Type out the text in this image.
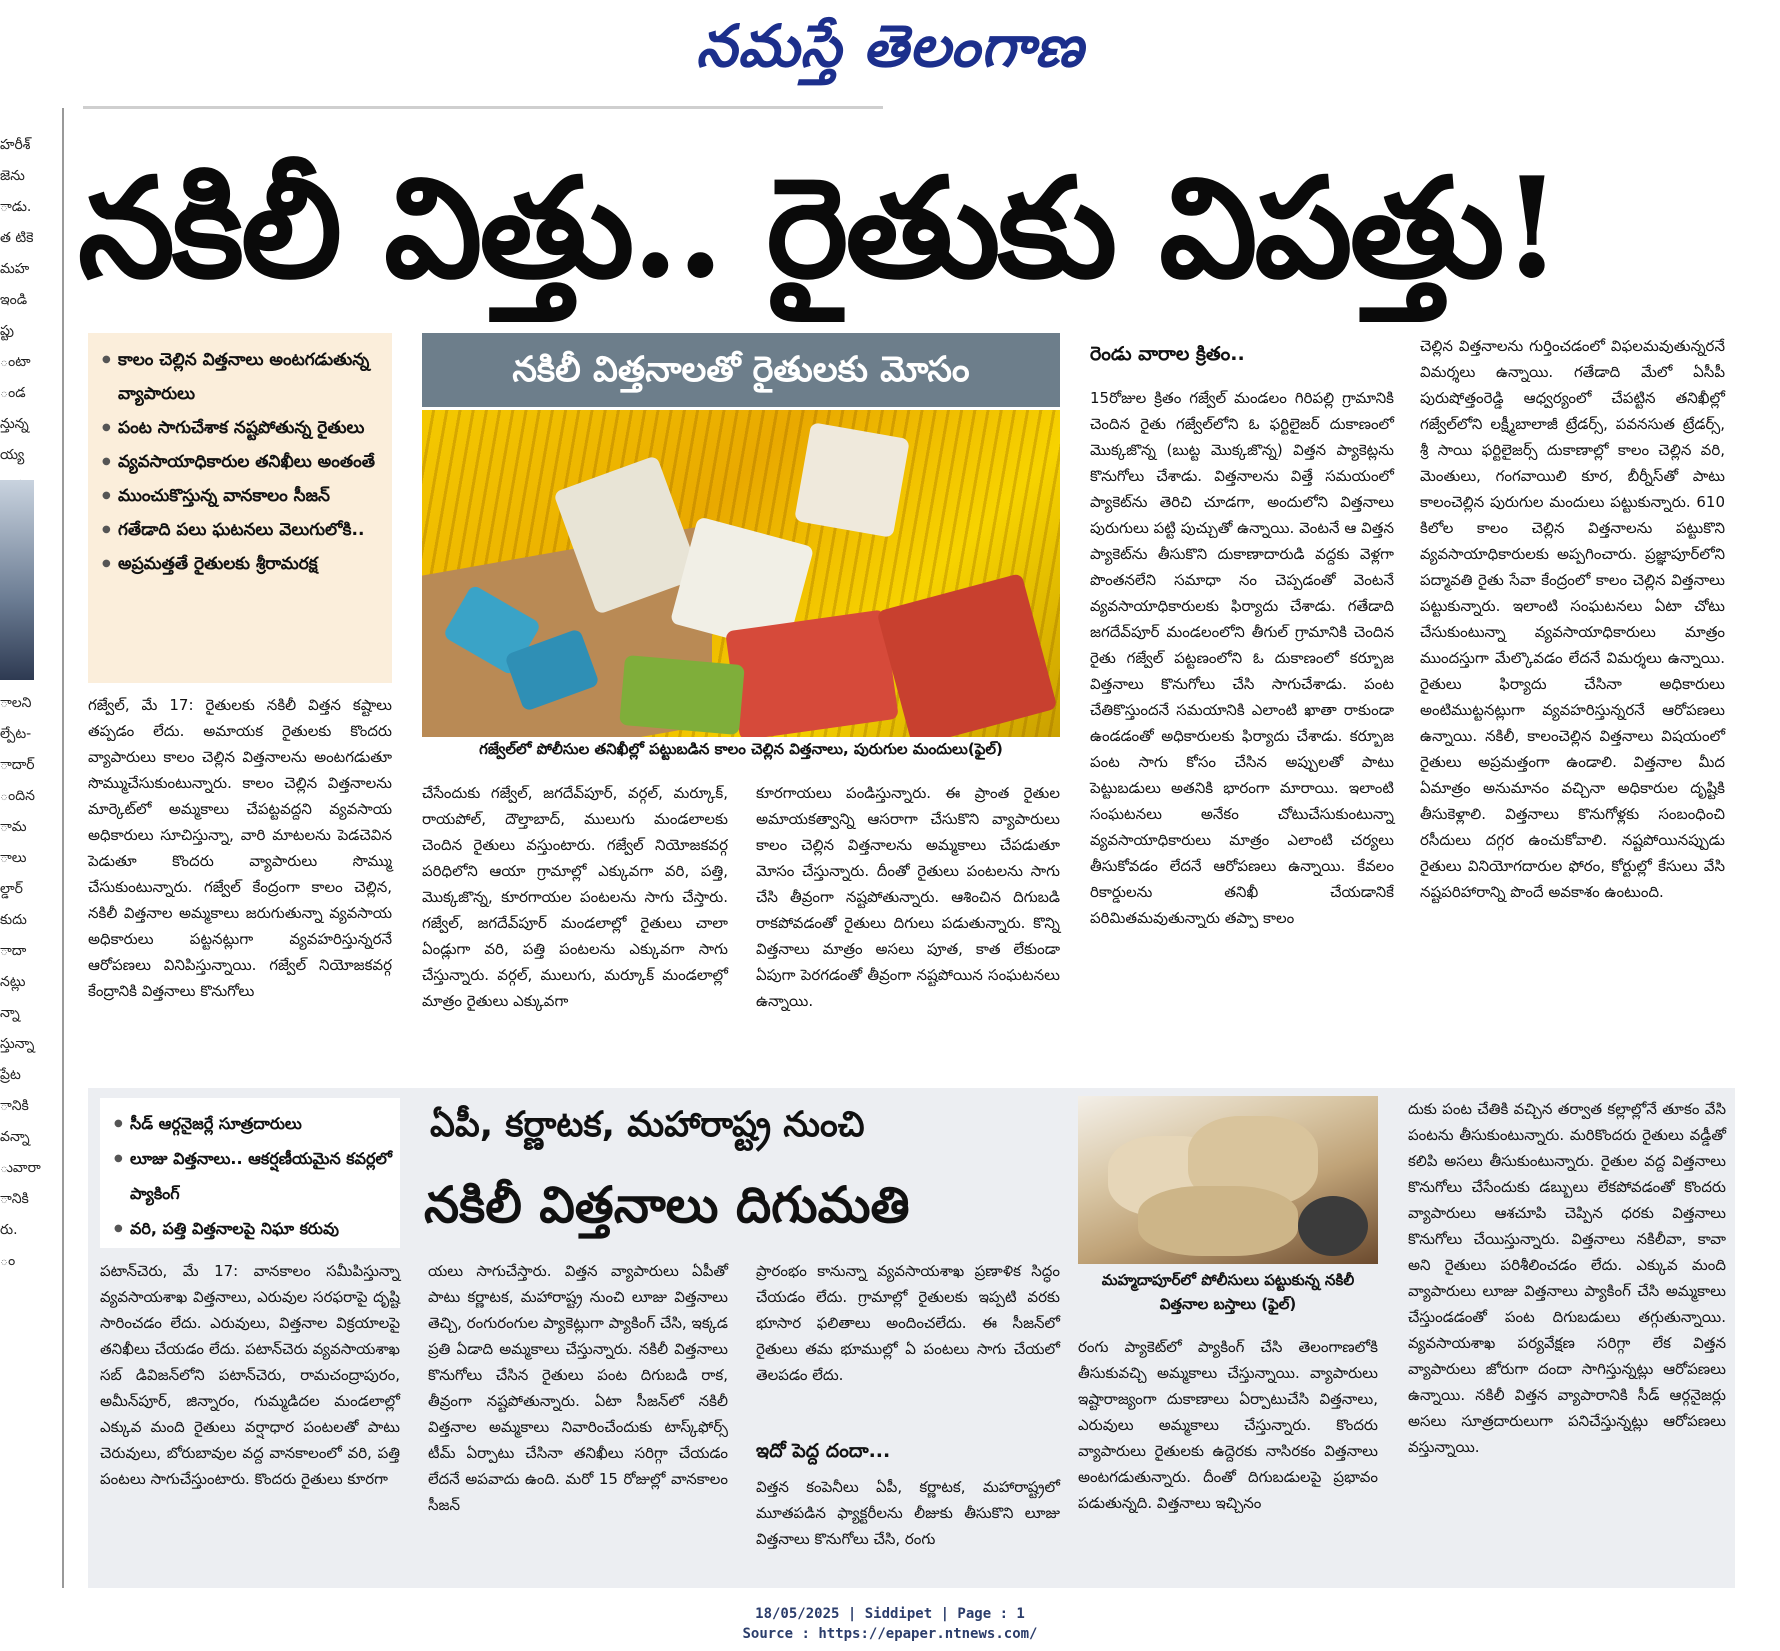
నమస్తే తెలంగాణ
హరీశ్
జెను
ాడు.
త టికె
మహ
ఇండి
ప్టు
ంటా
ండ
న్తున్న
య్య
ాలని
ల్పేట-
ాదార్
ందిన
ామ
ాలు
ల్డార్
కుదు
ాదా
నట్లు
న్నా
స్తున్నా
ప్రేట
ానికి
వన్నా
ువారా
ానికి
రు.
ం
నకిలీ విత్తు.. రైతుకు విపత్తు!
● కాలం చెల్లిన విత్తనాలు అంటగడుతున్న వ్యాపారులు
● పంట సాగుచేశాక నష్టపోతున్న రైతులు
● వ్యవసాయాధికారుల తనిఖీలు అంతంతే
● ముంచుకొస్తున్న వానకాలం సీజన్
● గతేడాది పలు ఘటనలు వెలుగులోకి..
● అప్రమత్తతే రైతులకు శ్రీరామరక్ష
నకిలీ విత్తనాలతో రైతులకు మోసం
గజ్వేల్‌లో పోలీసుల తనిఖీల్లో పట్టుబడిన కాలం చెల్లిన విత్తనాలు, పురుగుల మందులు(ఫైల్)
గజ్వేల్, మే 17: రైతులకు నకిలీ విత్తన కష్టాలు తప్పడం లేదు. అమాయక రైతులకు కొందరు వ్యాపారులు కాలం చెల్లిన విత్తనాలను అంటగడుతూ సొమ్ముచేసుకుంటున్నారు. కాలం చెల్లిన విత్తనాలను మార్కెట్‌లో అమ్మకాలు చేపట్టవద్దని వ్యవసాయ అధికారులు సూచిస్తున్నా, వారి మాటలను పెడచెవిన పెడుతూ కొందరు వ్యాపారులు సొమ్ము చేసుకుంటున్నారు. గజ్వేల్ కేంద్రంగా కాలం చెల్లిన, నకిలీ విత్తనాల అమ్మకాలు జరుగుతున్నా వ్యవసాయ అధికారులు పట్టనట్లుగా వ్యవహరిస్తున్నరనే ఆరోపణలు వినిపిస్తున్నాయి. గజ్వేల్ నియోజకవర్గ కేంద్రానికి విత్తనాలు కొనుగోలు
చేసేందుకు గజ్వేల్, జగదేవ్‌పూర్, వర్గల్, మర్కూక్, రాయపోల్, దౌల్తాబాద్, ములుగు మండలాలకు చెందిన రైతులు వస్తుంటారు. గజ్వేల్ నియోజకవర్గ పరిధిలోని ఆయా గ్రామాల్లో ఎక్కువగా వరి, పత్తి, మొక్కజొన్న, కూరగాయల పంటలను సాగు చేస్తారు. గజ్వేల్, జగదేవ్‌పూర్ మండలాల్లో రైతులు చాలా ఏండ్లుగా వరి, పత్తి పంటలను ఎక్కువగా సాగు చేస్తున్నారు. వర్గల్, ములుగు, మర్కూక్ మండలాల్లో మాత్రం రైతులు ఎక్కువగా
కూరగాయలు పండిస్తున్నారు. ఈ ప్రాంత రైతుల అమాయకత్వాన్ని ఆసరాగా చేసుకొని వ్యాపారులు కాలం చెల్లిన విత్తనాలను అమ్మకాలు చేపడుతూ మోసం చేస్తున్నారు. దీంతో రైతులు పంటలను సాగు చేసి తీవ్రంగా నష్టపోతున్నారు. ఆశించిన దిగుబడి రాకపోవడంతో రైతులు దిగులు పడుతున్నారు. కొన్ని విత్తనాలు మాత్రం అసలు పూత, కాత లేకుండా ఏపుగా పెరగడంతో తీవ్రంగా నష్టపోయిన సంఘటనలు ఉన్నాయి.
రెండు వారాల క్రితం..
15రోజుల క్రితం గజ్వేల్ మండలం గిరిపల్లి గ్రామానికి చెందిన రైతు గజ్వేల్‌లోని ఓ ఫర్టిలైజర్ దుకాణంలో మొక్కజొన్న (బుట్ట మొక్కజొన్న) విత్తన ప్యాకెట్లను కొనుగోలు చేశాడు. విత్తనాలను విత్తే సమయంలో ప్యాకెట్‌ను తెరిచి చూడగా, అందులోని విత్తనాలు పురుగులు పట్టి పుచ్చుతో ఉన్నాయి. వెంటనే ఆ విత్తన ప్యాకెట్‌ను తీసుకొని దుకాణాదారుడి వద్దకు వెళ్లగా పొంతనలేని సమాధా నం చెప్పడంతో వెంటనే వ్యవసాయాధికారులకు ఫిర్యాదు చేశాడు. గతేడాది జగదేవ్‌పూర్ మండలంలోని తీగుల్ గ్రామానికి చెందిన రైతు గజ్వేల్ పట్టణంలోని ఓ దుకాణంలో కర్బూజ విత్తనాలు కొనుగోలు చేసి సాగుచేశాడు. పంట చేతికొస్తుందనే సమయానికి ఎలాంటి ఖాతా రాకుండా ఉండడంతో అధికారులకు ఫిర్యాదు చేశాడు. కర్బూజ పంట సాగు కోసం చేసిన అప్పులతో పాటు పెట్టుబడులు అతనికి భారంగా మారాయి. ఇలాంటి సంఘటనలు అనేకం చోటుచేసుకుంటున్నా వ్యవసాయాధికారులు మాత్రం ఎలాంటి చర్యలు తీసుకోవడం లేదనే ఆరోపణలు ఉన్నాయి. కేవలం రికార్డులను తనిఖీ చేయడానికే పరిమితమవుతున్నారు తప్పా కాలం
చెల్లిన విత్తనాలను గుర్తించడంలో విఫలమవుతున్నరనే విమర్శలు ఉన్నాయి. గతేడాది మేలో ఏసీపీ పురుషోత్తంరెడ్డి ఆధ్వర్యంలో చేపట్టిన తనిఖీల్లో గజ్వేల్‌లోని లక్ష్మీబాలాజీ ట్రేడర్స్, పవనసుత ట్రేడర్స్, శ్రీ సాయి ఫర్టిలైజర్స్ దుకాణాల్లో కాలం చెల్లిన వరి, మెంతులు, గంగవాయిలి కూర, బీర్నీస్‌తో పాటు కాలంచెల్లిన పురుగుల మందులు పట్టుకున్నారు. 610 కిలోల కాలం చెల్లిన విత్తనాలను పట్టుకొని వ్యవసాయాధికారులకు అప్పగించారు. ప్రజ్ఞాపూర్‌లోని పద్మావతి రైతు సేవా కేంద్రంలో కాలం చెల్లిన విత్తనాలు పట్టుకున్నారు. ఇలాంటి సంఘటనలు ఏటా చోటు చేసుకుంటున్నా వ్యవసాయాధికారులు మాత్రం ముందస్తుగా మేల్కొవడం లేదనే విమర్శలు ఉన్నాయి. రైతులు ఫిర్యాదు చేసినా అధికారులు అంటిముట్టనట్లుగా వ్యవహరిస్తున్నరనే ఆరోపణలు ఉన్నాయి. నకిలీ, కాలంచెల్లిన విత్తనాలు విషయంలో రైతులు అప్రమత్తంగా ఉండాలి. విత్తనాల మీద ఏమాత్రం అనుమానం వచ్చినా అధికారుల దృష్టికి తీసుకెళ్లాలి. విత్తనాలు కొనుగోళ్లకు సంబంధించి రసీదులు దగ్గర ఉంచుకోవాలి. నష్టపోయినప్పుడు రైతులు వినియోగదారుల ఫోరం, కోర్టుల్లో కేసులు వేసి నష్టపరిహారాన్ని పొందే అవకాశం ఉంటుంది.
● సీడ్ ఆర్గనైజర్లే సూత్రదారులు
● లూజు విత్తనాలు.. ఆకర్షణీయమైన కవర్లలో ప్యాకింగ్
● వరి, పత్తి విత్తనాలపై నిఘా కరువు
ఏపీ, కర్ణాటక, మహారాష్ట్ర నుంచి
నకిలీ విత్తనాలు దిగుమతి
మహ్మదాపూర్‌లో పోలీసులు పట్టుకున్న నకిలీ విత్తనాల బస్తాలు (ఫైల్)
పటాన్‌చెరు, మే 17: వానకాలం సమీపిస్తున్నా వ్యవసాయశాఖ విత్తనాలు, ఎరువుల సరఫరాపై దృష్టి సారించడం లేదు. ఎరువులు, విత్తనాల విక్రయాలపై తనిఖీలు చేయడం లేదు. పటాన్‌చెరు వ్యవసాయశాఖ సబ్ డివిజన్‌లోని పటాన్‌చెరు, రామచంద్రాపురం, అమీన్‌పూర్, జిన్నారం, గుమ్మడిదల మండలాల్లో ఎక్కువ మంది రైతులు వర్షాధార పంటలతో పాటు చెరువులు, బోరుబావుల వద్ద వానకాలంలో వరి, పత్తి పంటలు సాగుచేస్తుంటారు. కొందరు రైతులు కూరగా
యలు సాగుచేస్తారు. విత్తన వ్యాపారులు ఏపీతో పాటు కర్ణాటక, మహారాష్ట్ర నుంచి లూజు విత్తనాలు తెచ్చి, రంగురంగుల ప్యాకెట్లుగా ప్యాకింగ్ చేసి, ఇక్కడ ప్రతి ఏడాది అమ్మకాలు చేస్తున్నారు. నకిలీ విత్తనాలు కొనుగోలు చేసిన రైతులు పంట దిగుబడి రాక, తీవ్రంగా నష్టపోతున్నారు. ఏటా సీజన్‌లో నకిలీ విత్తనాల అమ్మకాలు నివారించేందుకు టాస్క్‌ఫోర్స్ టీమ్ ఏర్పాటు చేసినా తనిఖీలు సరిగ్గా చేయడం లేదనే అపవాదు ఉంది. మరో 15 రోజుల్లో వానకాలం సీజన్
ప్రారంభం కానున్నా వ్యవసాయశాఖ ప్రణాళిక సిద్ధం చేయడం లేదు. గ్రామాల్లో రైతులకు ఇప్పటి వరకు భూసార ఫలితాలు అందించలేదు. ఈ సీజన్‌లో రైతులు తమ భూముల్లో ఏ పంటలు సాగు చేయలో తెలపడం లేదు.
ఇదో పెద్ద దందా...
విత్తన కంపెనీలు ఏపీ, కర్ణాటక, మహారాష్ట్రలో మూతపడిన ఫ్యాక్టరీలను లీజుకు తీసుకొని లూజు విత్తనాలు కొనుగోలు చేసి, రంగు
రంగు ప్యాకెట్‌లో ప్యాకింగ్ చేసి తెలంగాణలోకి తీసుకువచ్చి అమ్మకాలు చేస్తున్నాయి. వ్యాపారులు ఇష్టారాజ్యంగా దుకాణాలు ఏర్పాటుచేసి విత్తనాలు, ఎరువులు అమ్మకాలు చేస్తున్నారు. కొందరు వ్యాపారులు రైతులకు ఉద్దెరకు నాసిరకం విత్తనాలు అంటగడుతున్నారు. దీంతో దిగుబడులపై ప్రభావం పడుతున్నది. విత్తనాలు ఇచ్చినం
దుకు పంట చేతికి వచ్చిన తర్వాత కల్లాల్లోనే తూకం వేసి పంటను తీసుకుంటున్నారు. మరికొందరు రైతులు వడ్డీతో కలిపి అసలు తీసుకుంటున్నారు. రైతుల వద్ద విత్తనాలు కొనుగోలు చేసేందుకు డబ్బులు లేకపోవడంతో కొందరు వ్యాపారులు ఆశచూపి చెప్పిన ధరకు విత్తనాలు కొనుగోలు చేయిస్తున్నారు. విత్తనాలు నకిలీవా, కావా అని రైతులు పరిశీలించడం లేదు. ఎక్కువ మంది వ్యాపారులు లూజు విత్తనాలు ప్యాకింగ్ చేసి అమ్మకాలు చేస్తుండడంతో పంట దిగుబడులు తగ్గుతున్నాయి. వ్యవసాయశాఖ పర్యవేక్షణ సరిగ్గా లేక విత్తన వ్యాపారులు జోరుగా దందా సాగిస్తున్నట్లు ఆరోపణలు ఉన్నాయి. నకిలీ విత్తన వ్యాపారానికి సీడ్ ఆర్గనైజర్లు అసలు సూత్రదారులుగా పనిచేస్తున్నట్లు ఆరోపణలు వస్తున్నాయి.
18/05/2025 | Siddipet | Page : 1
Source : https://epaper.ntnews.com/
